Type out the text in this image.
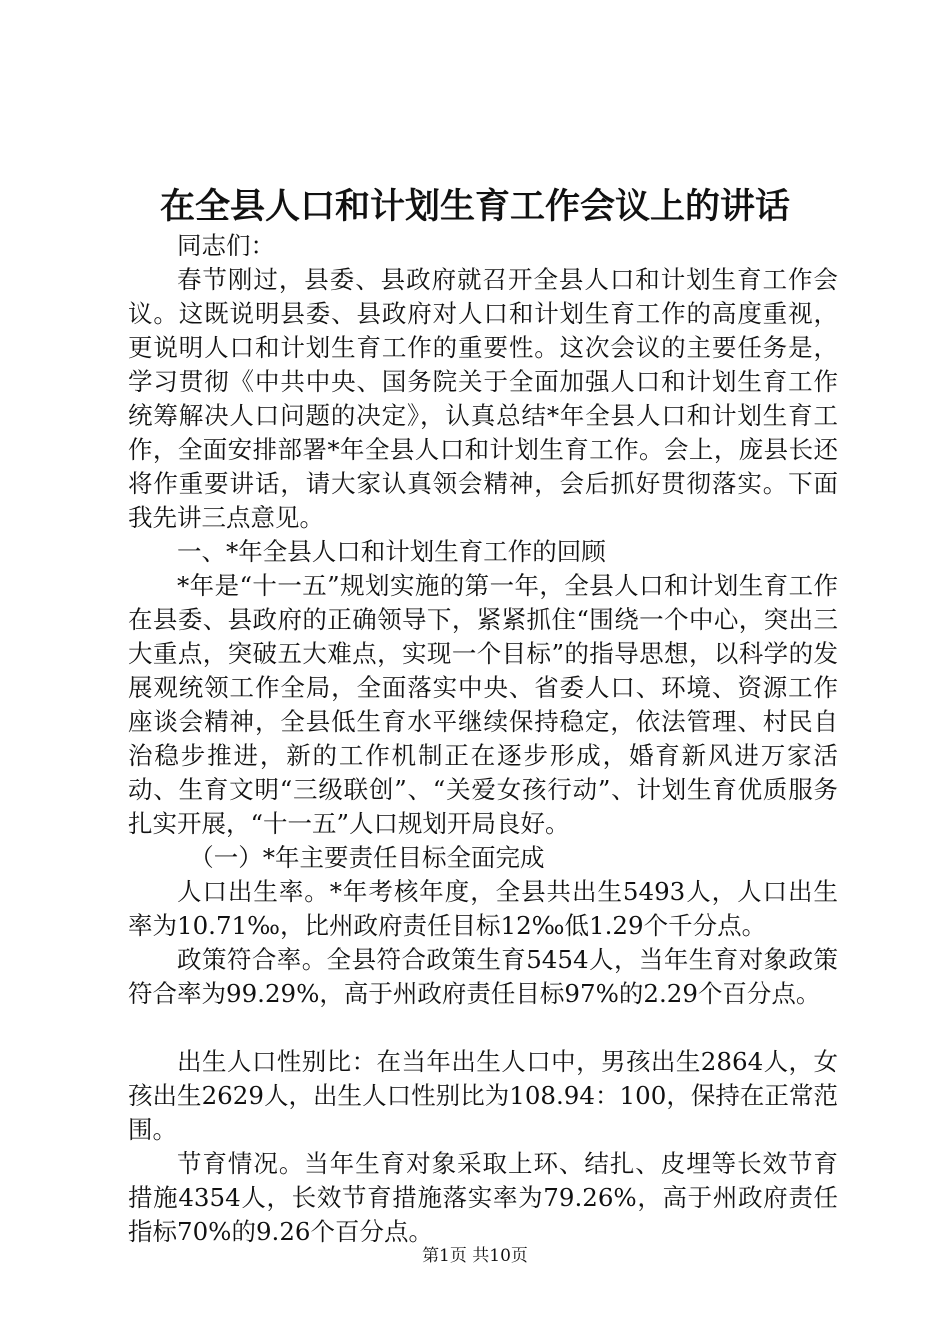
在全县人口和计划生育工作会议上的讲话

同志们：

春节刚过，县委、县政府就召开全县人口和计划生育工作会议。这既说明县委、县政府对人口和计划生育工作的高度重视，更说明人口和计划生育工作的重要性。这次会议的主要任务是，学习贯彻《中共中央、国务院关于全面加强人口和计划生育工作统筹解决人口问题的决定》，认真总结*年全县人口和计划生育工作，全面安排部署*年全县人口和计划生育工作。会上，庞县长还将作重要讲话，请大家认真领会精神，会后抓好贯彻落实。下面我先讲三点意见。

一、*年全县人口和计划生育工作的回顾

*年是“十一五”规划实施的第一年，全县人口和计划生育工作在县委、县政府的正确领导下，紧紧抓住“围绕一个中心，突出三大重点，突破五大难点，实现一个目标”的指导思想，以科学的发展观统领工作全局，全面落实中央、省委人口、环境、资源工作座谈会精神，全县低生育水平继续保持稳定，依法管理、村民自治稳步推进，新的工作机制正在逐步形成，婚育新风进万家活动、生育文明“三级联创”、“关爱女孩行动”、计划生育优质服务扎实开展，“十一五”人口规划开局良好。

（一）*年主要责任目标全面完成

人口出生率。*年考核年度，全县共出生5493人，人口出生率为10.71‰，比州政府责任目标12‰低1.29个千分点。

政策符合率。全县符合政策生育5454人，当年生育对象政策符合率为99.29%，高于州政府责任目标97%的2.29个百分点。

出生人口性别比：在当年出生人口中，男孩出生2864人，女孩出生2629人，出生人口性别比为108.94：100，保持在正常范围。

节育情况。当年生育对象采取上环、结扎、皮埋等长效节育措施4354人，长效节育措施落实率为79.26%，高于州政府责任指标70%的9.26个百分点。

第1页 共10页
